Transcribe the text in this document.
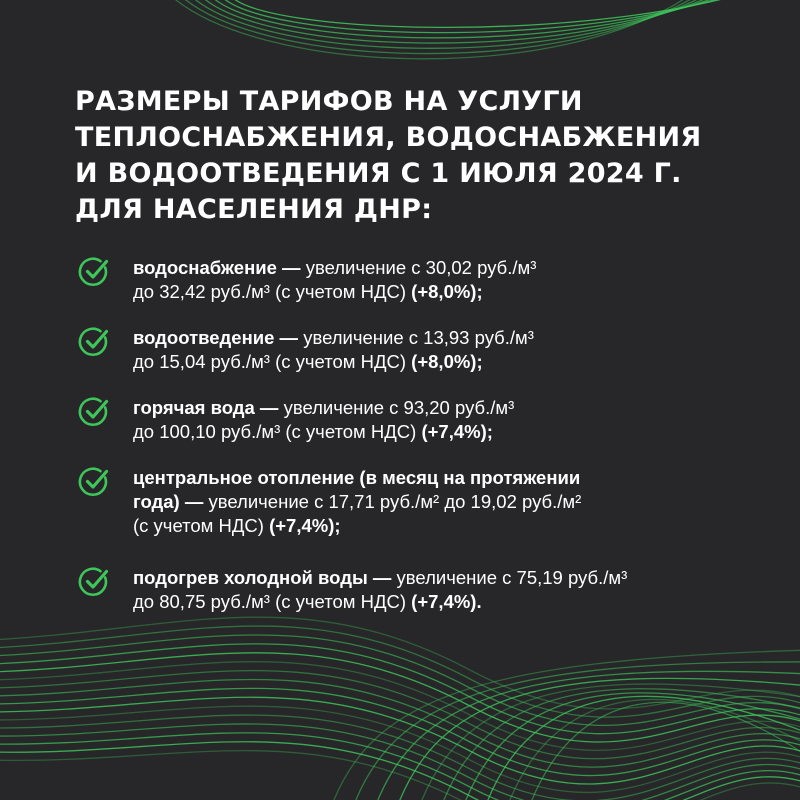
РАЗМЕРЫ ТАРИФОВ НА УСЛУГИ
ТЕПЛОСНАБЖЕНИЯ, ВОДОСНАБЖЕНИЯ
И ВОДООТВЕДЕНИЯ С 1 ИЮЛЯ 2024 Г.
ДЛЯ НАСЕЛЕНИЯ ДНР:
водоснабжение — увеличение с 30,02 руб./м³
до 32,42 руб./м³ (с учетом НДС) (+8,0%);
водоотведение — увеличение с 13,93 руб./м³
до 15,04 руб./м³ (с учетом НДС) (+8,0%);
горячая вода — увеличение с 93,20 руб./м³
до 100,10 руб./м³ (с учетом НДС) (+7,4%);
центральное отопление (в месяц на протяжении
года) — увеличение с 17,71 руб./м² до 19,02 руб./м²
(с учетом НДС) (+7,4%);
подогрев холодной воды — увеличение с 75,19 руб./м³
до 80,75 руб./м³ (с учетом НДС) (+7,4%).
